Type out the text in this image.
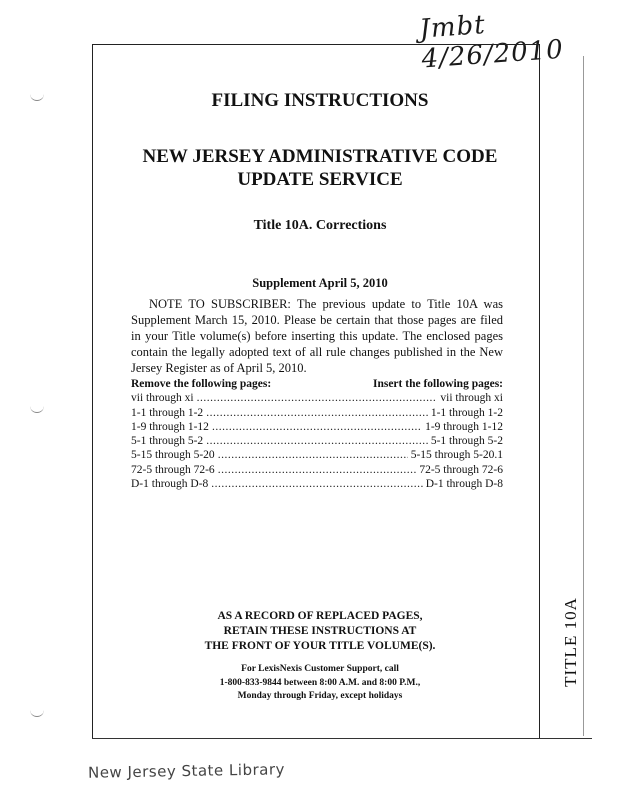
Jmbt 4/26/2010
FILING INSTRUCTIONS
NEW JERSEY ADMINISTRATIVE CODE
UPDATE SERVICE
Title 10A. Corrections
Supplement April 5, 2010
NOTE TO SUBSCRIBER: The previous update to Title 10A was Supplement March 15, 2010. Please be certain that those pages are filed in your Title volume(s) before inserting this update. The enclosed pages contain the legally adopted text of all rule changes published in the New Jersey Register as of April 5, 2010.
Remove the following pages:	Insert the following pages:
vii through xi .....	vii through xi
1-1 through 1-2 .....	1-1 through 1-2
1-9 through 1-12 .....	1-9 through 1-12
5-1 through 5-2 .....	5-1 through 5-2
5-15 through 5-20 .....	5-15 through 5-20.1
72-5 through 72-6 .....	72-5 through 72-6
D-1 through D-8 .....	D-1 through D-8
AS A RECORD OF REPLACED PAGES,
RETAIN THESE INSTRUCTIONS AT
THE FRONT OF YOUR TITLE VOLUME(S).
For LexisNexis Customer Support, call
1-800-833-9844 between 8:00 A.M. and 8:00 P.M.,
Monday through Friday, except holidays
TITLE 10A
New Jersey State Library
